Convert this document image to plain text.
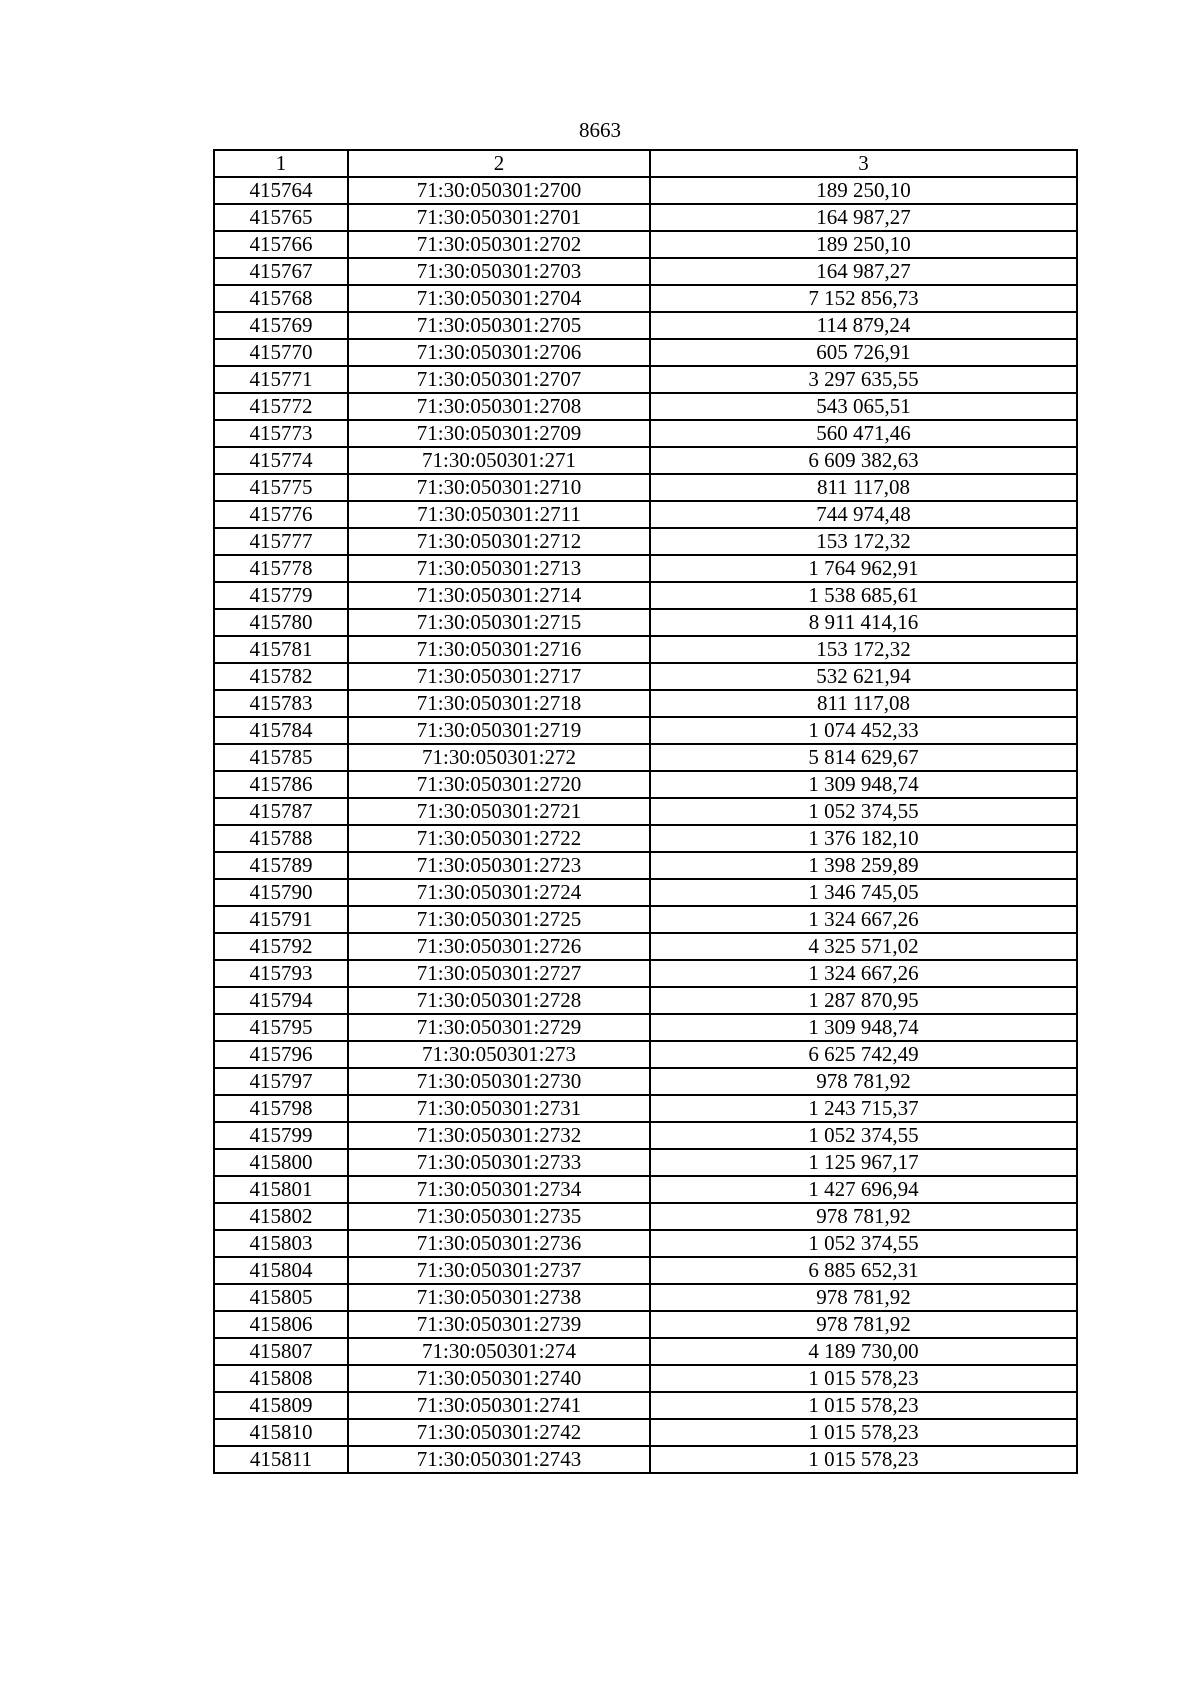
8663
1	2	3
415764	71:30:050301:2700	189 250,10
415765	71:30:050301:2701	164 987,27
415766	71:30:050301:2702	189 250,10
415767	71:30:050301:2703	164 987,27
415768	71:30:050301:2704	7 152 856,73
415769	71:30:050301:2705	114 879,24
415770	71:30:050301:2706	605 726,91
415771	71:30:050301:2707	3 297 635,55
415772	71:30:050301:2708	543 065,51
415773	71:30:050301:2709	560 471,46
415774	71:30:050301:271	6 609 382,63
415775	71:30:050301:2710	811 117,08
415776	71:30:050301:2711	744 974,48
415777	71:30:050301:2712	153 172,32
415778	71:30:050301:2713	1 764 962,91
415779	71:30:050301:2714	1 538 685,61
415780	71:30:050301:2715	8 911 414,16
415781	71:30:050301:2716	153 172,32
415782	71:30:050301:2717	532 621,94
415783	71:30:050301:2718	811 117,08
415784	71:30:050301:2719	1 074 452,33
415785	71:30:050301:272	5 814 629,67
415786	71:30:050301:2720	1 309 948,74
415787	71:30:050301:2721	1 052 374,55
415788	71:30:050301:2722	1 376 182,10
415789	71:30:050301:2723	1 398 259,89
415790	71:30:050301:2724	1 346 745,05
415791	71:30:050301:2725	1 324 667,26
415792	71:30:050301:2726	4 325 571,02
415793	71:30:050301:2727	1 324 667,26
415794	71:30:050301:2728	1 287 870,95
415795	71:30:050301:2729	1 309 948,74
415796	71:30:050301:273	6 625 742,49
415797	71:30:050301:2730	978 781,92
415798	71:30:050301:2731	1 243 715,37
415799	71:30:050301:2732	1 052 374,55
415800	71:30:050301:2733	1 125 967,17
415801	71:30:050301:2734	1 427 696,94
415802	71:30:050301:2735	978 781,92
415803	71:30:050301:2736	1 052 374,55
415804	71:30:050301:2737	6 885 652,31
415805	71:30:050301:2738	978 781,92
415806	71:30:050301:2739	978 781,92
415807	71:30:050301:274	4 189 730,00
415808	71:30:050301:2740	1 015 578,23
415809	71:30:050301:2741	1 015 578,23
415810	71:30:050301:2742	1 015 578,23
415811	71:30:050301:2743	1 015 578,23
